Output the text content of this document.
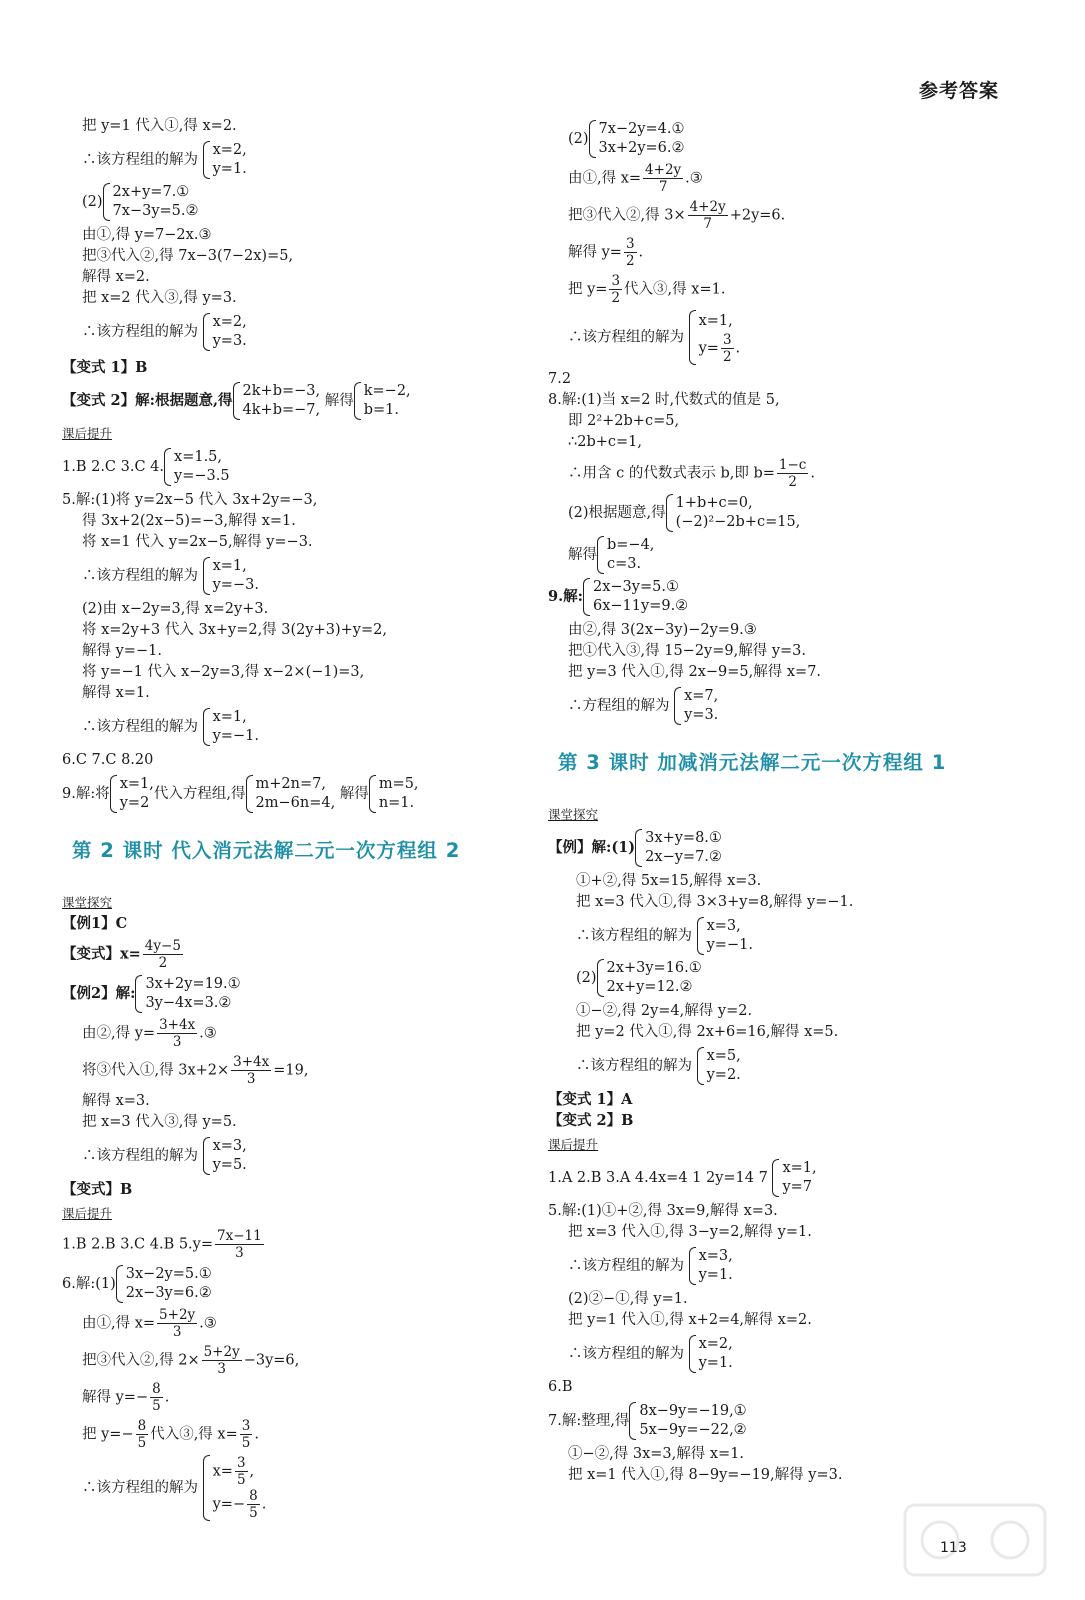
参考答案
把 y=1 代入①,得 x=2.
∴该方程组的解为
x=2,
y=1.
(2)
2x+y=7.①
7x−3y=5.②
由①,得 y=7−2x.③
把③代入②,得 7x−3(7−2x)=5,
解得 x=2.
把 x=2 代入③,得 y=3.
∴该方程组的解为
x=2,
y=3.
【变式 1】B
【变式 2】解:根据题意,得
2k+b=−3,
4k+b=−7,
解得
k=−2,
b=1.
课后提升
1.B 2.C 3.C 4.
x=1.5,
y=−3.5
5.解:(1)将 y=2x−5 代入 3x+2y=−3,
得 3x+2(2x−5)=−3,解得 x=1.
将 x=1 代入 y=2x−5,解得 y=−3.
∴该方程组的解为
x=1,
y=−3.
(2)由 x−2y=3,得 x=2y+3.
将 x=2y+3 代入 3x+y=2,得 3(2y+3)+y=2,
解得 y=−1.
将 y=−1 代入 x−2y=3,得 x−2×(−1)=3,
解得 x=1.
∴该方程组的解为
x=1,
y=−1.
6.C 7.C 8.20
9.解:将
x=1,
y=2
代入方程组,得
m+2n=7,
2m−6n=4,
解得
m=5,
n=1.
第 2 课时 代入消元法解二元一次方程组 2
课堂探究
【例1】C
【变式】$x= \frac{4y-5}{2}$
【例2】解:
3x+2y=19.①
3y−4x=3.②
由②,得 $y= \frac{3+4x}{3}$ .③
将③代入①,得 $3x+2\times \frac{3+4x}{3} =19$,
解得 x=3.
把 x=3 代入③,得 y=5.
∴该方程组的解为
x=3,
y=5.
【变式】B
课后提升
1.B 2.B 3.C 4.B $5.y= \frac{7x-11}{3}$
6.解:(1)
3x−2y=5.①
2x−3y=6.②
由①,得 $x= \frac{5+2y}{3}$ .③
把③代入②,得 $2\times \frac{5+2y}{3} -3y=6$,
解得 $y=- \frac{8}{5}$ .
把 $y=- \frac{8}{5}$ 代入③,得 $x= \frac{3}{5}$ .
∴该方程组的解为
$x= \frac{3}{5}$ ,
$y=- \frac{8}{5}$ .
(2)
7x−2y=4.①
3x+2y=6.②
由①,得 $x= \frac{4+2y}{7}$ .③
把③代入②,得 $3\times \frac{4+2y}{7} +2y=6$.
解得 $y= \frac{3}{2}$ .
把 $y= \frac{3}{2}$ 代入③,得 x=1.
∴该方程组的解为
x=1,
$y= \frac{3}{2}$ .
7.2
8.解:(1)当 x=2 时,代数式的值是 5,
即 2²+2b+c=5,
∴2b+c=1,
∴用含 c 的代数式表示 b,即 $b= \frac{1-c}{2}$ .
(2)根据题意,得
1+b+c=0,
(−2)²−2b+c=15,
解得
b=−4,
c=3.
9.解:
2x−3y=5.①
6x−11y=9.②
由②,得 3(2x−3y)−2y=9.③
把①代入③,得 15−2y=9,解得 y=3.
把 y=3 代入①,得 2x−9=5,解得 x=7.
∴方程组的解为
x=7,
y=3.
第 3 课时 加减消元法解二元一次方程组 1
课堂探究
【例】解:(1)
3x+y=8.①
2x−y=7.②
①+②,得 5x=15,解得 x=3.
把 x=3 代入①,得 3×3+y=8,解得 y=−1.
∴该方程组的解为
x=3,
y=−1.
(2)
2x+3y=16.①
2x+y=12.②
①−②,得 2y=4,解得 y=2.
把 y=2 代入①,得 2x+6=16,解得 x=5.
∴该方程组的解为
x=5,
y=2.
【变式 1】A
【变式 2】B
课后提升
1.A 2.B 3.A 4.4x=4 1 2y=14 7
x=1,
y=7
5.解:(1)①+②,得 3x=9,解得 x=3.
把 x=3 代入①,得 3−y=2,解得 y=1.
∴该方程组的解为
x=3,
y=1.
(2)②−①,得 y=1.
把 y=1 代入①,得 x+2=4,解得 x=2.
∴该方程组的解为
x=2,
y=1.
6.B
7.解:整理,得
8x−9y=−19,①
5x−9y=−22,②
①−②,得 3x=3,解得 x=1.
把 x=1 代入①,得 8−9y=−19,解得 y=3.
113
